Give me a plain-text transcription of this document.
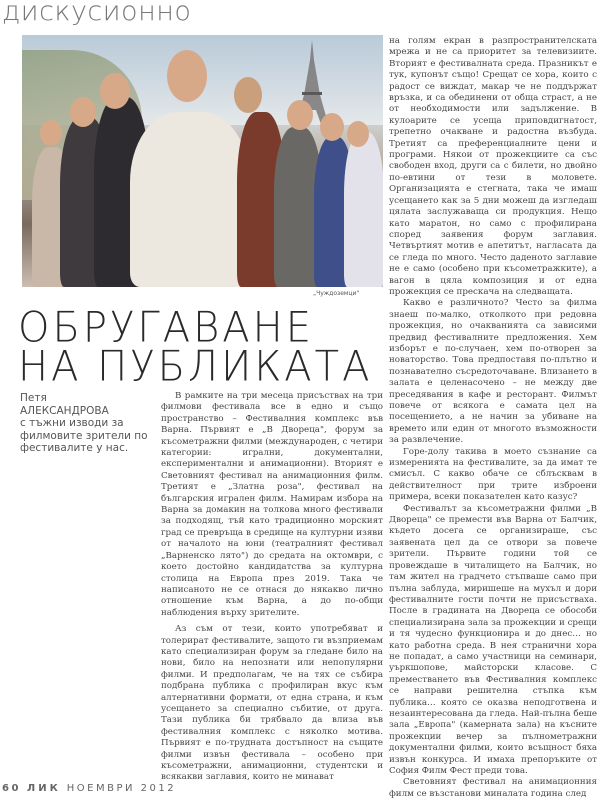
дискусионно
„Чуждоземци"
ОБРУГАВАНЕ
НА ПУБЛИКАТА
Петя
АЛЕКСАНДРОВА
с тъжни изводи за филмовите зрители по фестивалите у нас.

В рамките на три месеца присъствах на три филмови фестивала все в едно и също пространство – Фестивалния комплекс във Варна. Първият е „В Двореца", форум за късометражни филми (международен, с четири категории: игрални, документални, експериментални и анимационни). Вторият е Световният фестивал на анимационния филм. Третият е „Златна роза", фестивал на българския игрален филм. Намирам избора на Варна за домакин на толкова много фестивали за подходящ, тъй като традиционно морският град се превръща в средище на културни изяви от началото на юни (театралният фестивал „Варненско лято") до средата на октомври, с което достойно кандидатства за културна столица на Европа през 2019. Така че написаното не се отнася до някакво лично отношение към Варна, а до по-общи наблюдения върху зрителите.

Аз съм от тези, които употребяват и толерират фестивалите, защото ги възприемам като специализиран форум за гледане било на нови, било на непознати или непопулярни филми. И предполагам, че на тях се събира подбрана публика с профилиран вкус към алтернативни формати, от една страна, и към усещането за специално събитие, от друга. Тази публика би трябвало да влиза във фестивалния комплекс с няколко мотива. Първият е по-трудната достъпност на същите филми извън фестивала – особено при късометражни, анимационни, студентски и всякакви заглавия, които не минават

на голям екран в разпространителската мрежа и не са приоритет за телевизиите. Вторият е фестивалната среда. Празникът е тук, купонът също! Срещат се хора, които с радост се виждат, макар че не поддържат връзка, и са обединени от обща страст, а не от необходимости или задължение. В кулоарите се усеща приповдигнатост, трепетно очакване и радостна възбуда. Третият са преференциалните цени и програми. Някои от прожекциите са със свободен вход, други са с билети, но двойно по-евтини от тези в моловете. Организацията е стегната, така че имаш усещането как за 5 дни можеш да изгледаш цялата заслужаваща си продукция. Нещо като маратон, но само с профилирана според заявения форум заглавия. Четвъртият мотив е апетитът, нагласата да се гледа по много. Често даденото заглавие не е само (особено при късометражките), а вагон в цяла композиция и от една прожекция се прескача на следващата.

Какво е различното? Често за филма знаеш по-малко, отколкото при редовна прожекция, но очакванията са зависими предвид фестивалните предложения. Хем изборът е по-случаен, хем по-отворен за новаторство. Това предпоставя по-плътно и познавателно съсредоточаване. Влизането в залата е целенасочено – не между две преседявания в кафе и ресторант. Филмът повече от всякога е самата цел на посещението, а не начин за убиване на времето или един от многото възможности за развлечение.

Горе-долу такива в моето съзнание са измеренията на фестивалите, за да имат те смисъл. С какво обаче се сблъсквам в действителност при трите изброени примера, всеки показателен като казус?

Фестивалът за късометражни филми „В Двореца" се премести във Варна от Балчик, където досега се организираше, със заявената цел да се отвори за повече зрители. Първите години той се провеждаше в читалището на Балчик, но там жител на градчето стъпваше само при пълна заблуда, миришеше на мухъл и дори фестивалните гости почти не присъстваха. После в градината на Двореца се обособи специализирана зала за прожекции и срещи и тя чудесно функционира и до днес… но като работна среда. В нея странични хора не попадат, а само участници на семинари, уъркшопове, майсторски класове. С преместването във Фестивалния комплекс се направи решителна стъпка към публика… която се оказва неподготвена и незаинтересована да гледа. Най-пълна беше зала „Европа" (камерната зала) на късните прожекции вечер за пълнометражни документални филми, които всъщност бяха извън конкурса. И имаха препоръките от София Филм Фест преди това.

Световният фестивал на анимационния филм се възстанови миналата година след

60 ЛИК НОЕМВРИ 2012
